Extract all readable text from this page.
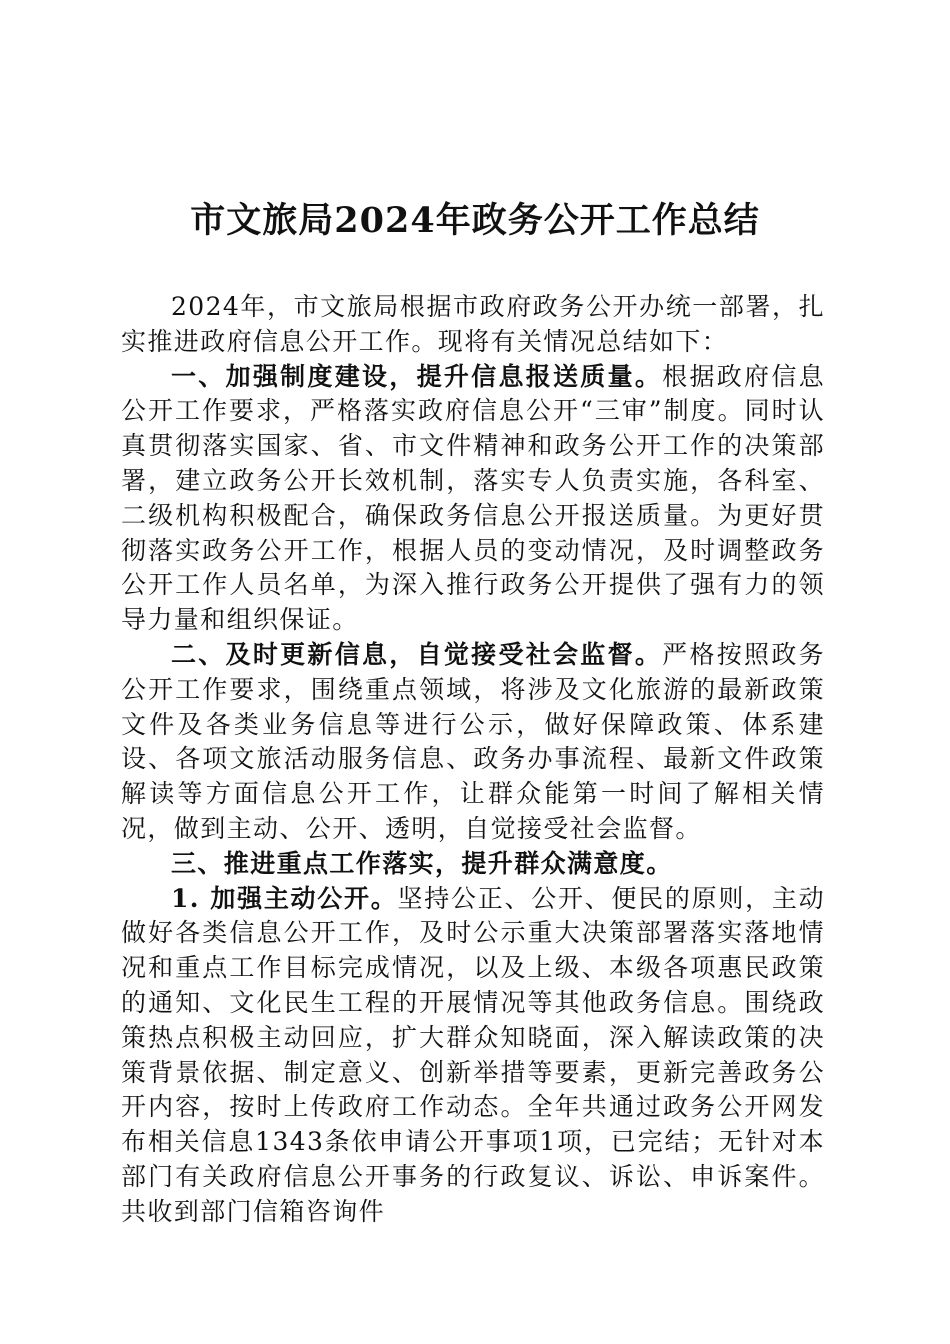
市文旅局2024年政务公开工作总结

2024年，市文旅局根据市政府政务公开办统一部署，扎实推进政府信息公开工作。现将有关情况总结如下：

一、加强制度建设，提升信息报送质量。根据政府信息公开工作要求，严格落实政府信息公开“三审”制度。同时认真贯彻落实国家、省、市文件精神和政务公开工作的决策部署，建立政务公开长效机制，落实专人负责实施，各科室、二级机构积极配合，确保政务信息公开报送质量。为更好贯彻落实政务公开工作，根据人员的变动情况，及时调整政务公开工作人员名单，为深入推行政务公开提供了强有力的领导力量和组织保证。

二、及时更新信息，自觉接受社会监督。严格按照政务公开工作要求，围绕重点领域，将涉及文化旅游的最新政策文件及各类业务信息等进行公示，做好保障政策、体系建设、各项文旅活动服务信息、政务办事流程、最新文件政策解读等方面信息公开工作，让群众能第一时间了解相关情况，做到主动、公开、透明，自觉接受社会监督。

三、推进重点工作落实，提升群众满意度。

1. 加强主动公开。坚持公正、公开、便民的原则，主动做好各类信息公开工作，及时公示重大决策部署落实落地情况和重点工作目标完成情况，以及上级、本级各项惠民政策的通知、文化民生工程的开展情况等其他政务信息。围绕政策热点积极主动回应，扩大群众知晓面，深入解读政策的决策背景依据、制定意义、创新举措等要素，更新完善政务公开内容，按时上传政府工作动态。全年共通过政务公开网发布相关信息1343条依申请公开事项1项，已完结；无针对本部门有关政府信息公开事务的行政复议、诉讼、申诉案件。共收到部门信箱咨询件
